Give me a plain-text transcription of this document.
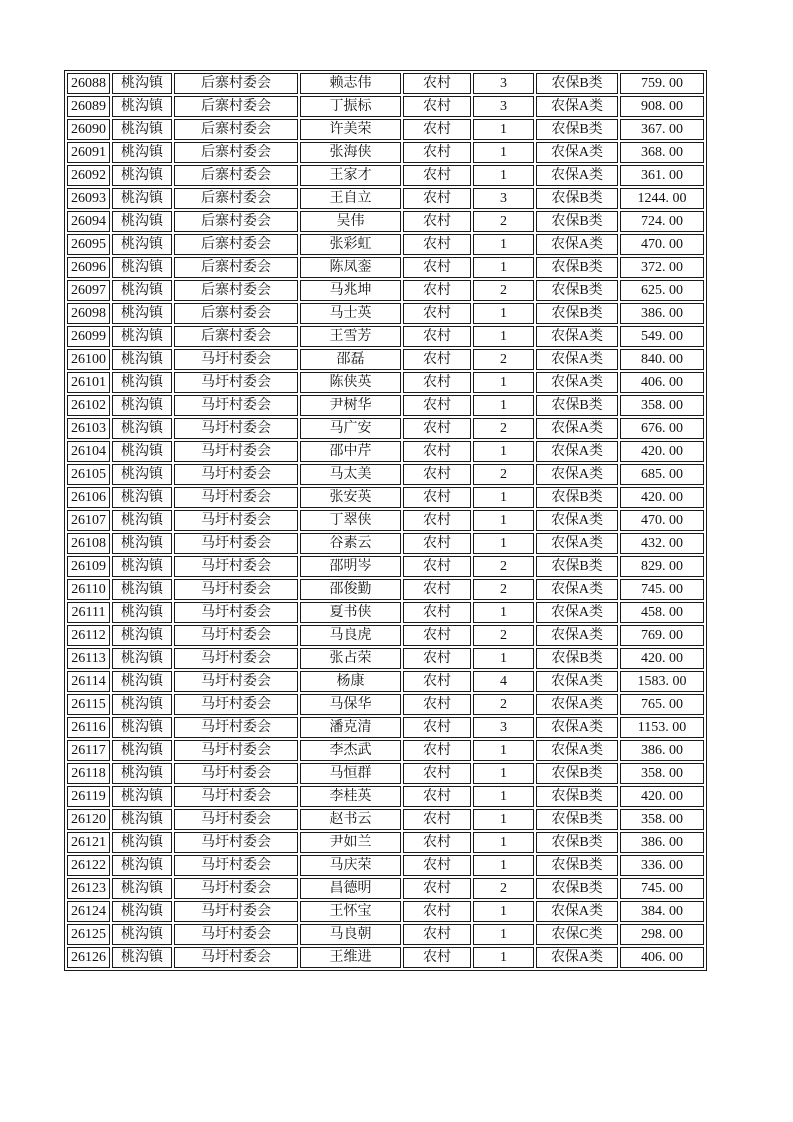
26088	桃沟镇	后寨村委会	赖志伟	农村	3	农保B类	759. 00
26089	桃沟镇	后寨村委会	丁振标	农村	3	农保A类	908. 00
26090	桃沟镇	后寨村委会	许美荣	农村	1	农保B类	367. 00
26091	桃沟镇	后寨村委会	张海侠	农村	1	农保A类	368. 00
26092	桃沟镇	后寨村委会	王家才	农村	1	农保A类	361. 00
26093	桃沟镇	后寨村委会	王自立	农村	3	农保B类	1244. 00
26094	桃沟镇	后寨村委会	吴伟	农村	2	农保B类	724. 00
26095	桃沟镇	后寨村委会	张彩虹	农村	1	农保A类	470. 00
26096	桃沟镇	后寨村委会	陈凤銮	农村	1	农保B类	372. 00
26097	桃沟镇	后寨村委会	马兆坤	农村	2	农保B类	625. 00
26098	桃沟镇	后寨村委会	马士英	农村	1	农保B类	386. 00
26099	桃沟镇	后寨村委会	王雪芳	农村	1	农保A类	549. 00
26100	桃沟镇	马圩村委会	邵磊	农村	2	农保A类	840. 00
26101	桃沟镇	马圩村委会	陈侠英	农村	1	农保A类	406. 00
26102	桃沟镇	马圩村委会	尹树华	农村	1	农保B类	358. 00
26103	桃沟镇	马圩村委会	马广安	农村	2	农保A类	676. 00
26104	桃沟镇	马圩村委会	邵中芹	农村	1	农保A类	420. 00
26105	桃沟镇	马圩村委会	马太美	农村	2	农保A类	685. 00
26106	桃沟镇	马圩村委会	张安英	农村	1	农保B类	420. 00
26107	桃沟镇	马圩村委会	丁翠侠	农村	1	农保A类	470. 00
26108	桃沟镇	马圩村委会	谷素云	农村	1	农保A类	432. 00
26109	桃沟镇	马圩村委会	邵明岑	农村	2	农保B类	829. 00
26110	桃沟镇	马圩村委会	邵俊勤	农村	2	农保A类	745. 00
26111	桃沟镇	马圩村委会	夏书侠	农村	1	农保A类	458. 00
26112	桃沟镇	马圩村委会	马良虎	农村	2	农保A类	769. 00
26113	桃沟镇	马圩村委会	张占荣	农村	1	农保B类	420. 00
26114	桃沟镇	马圩村委会	杨康	农村	4	农保A类	1583. 00
26115	桃沟镇	马圩村委会	马保华	农村	2	农保A类	765. 00
26116	桃沟镇	马圩村委会	潘克清	农村	3	农保A类	1153. 00
26117	桃沟镇	马圩村委会	李杰武	农村	1	农保A类	386. 00
26118	桃沟镇	马圩村委会	马恒群	农村	1	农保B类	358. 00
26119	桃沟镇	马圩村委会	李桂英	农村	1	农保B类	420. 00
26120	桃沟镇	马圩村委会	赵书云	农村	1	农保B类	358. 00
26121	桃沟镇	马圩村委会	尹如兰	农村	1	农保B类	386. 00
26122	桃沟镇	马圩村委会	马庆荣	农村	1	农保B类	336. 00
26123	桃沟镇	马圩村委会	昌德明	农村	2	农保B类	745. 00
26124	桃沟镇	马圩村委会	王怀宝	农村	1	农保A类	384. 00
26125	桃沟镇	马圩村委会	马良朝	农村	1	农保C类	298. 00
26126	桃沟镇	马圩村委会	王维进	农村	1	农保A类	406. 00
